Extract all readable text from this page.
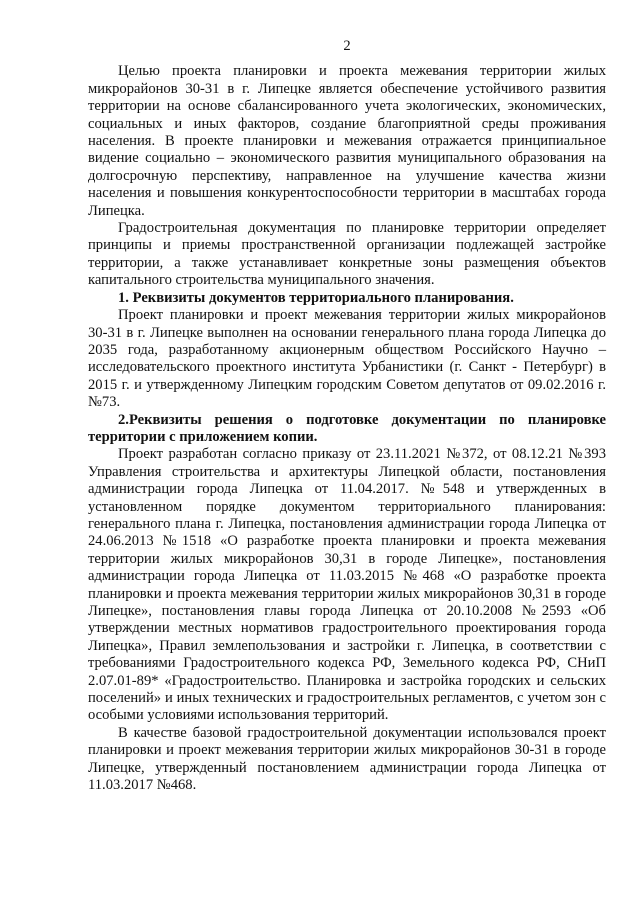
2

Целью проекта планировки и проекта межевания территории жилых микрорайонов 30-31 в г. Липецке является обеспечение устойчивого развития территории на основе сбалансированного учета экологических, экономических, социальных и иных факторов, создание благоприятной среды проживания населения. В проекте планировки и межевания отражается принципиальное видение социально – экономического развития муниципального образования на долгосрочную перспективу, направленное на улучшение качества жизни населения и повышения конкурентоспособности территории в масштабах города Липецка.

Градостроительная документация по планировке территории определяет принципы и приемы пространственной организации подлежащей застройке территории, а также устанавливает конкретные зоны размещения объектов капитального строительства муниципального значения.

1. Реквизиты документов территориального планирования.

Проект планировки и проект межевания территории жилых микрорайонов 30-31 в г. Липецке выполнен на основании генерального плана города Липецка до 2035 года, разработанному акционерным обществом Российского Научно – исследовательского проектного института Урбанистики (г. Санкт - Петербург) в 2015 г. и утвержденному Липецким городским Советом депутатов от 09.02.2016 г. №73.

2.Реквизиты решения о подготовке документации по планировке территории с приложением копии.

Проект разработан согласно приказу от 23.11.2021 №372, от 08.12.21 №393 Управления строительства и архитектуры Липецкой области, постановления администрации города Липецка от 11.04.2017. №548 и утвержденных в установленном порядке документом территориального планирования: генерального плана г. Липецка, постановления администрации города Липецка от 24.06.2013 №1518 «О разработке проекта планировки и проекта межевания территории жилых микрорайонов 30,31 в городе Липецке», постановления администрации города Липецка от 11.03.2015 №468 «О разработке проекта планировки и проекта межевания территории жилых микрорайонов 30,31 в городе Липецке», постановления главы города Липецка от 20.10.2008 №2593 «Об утверждении местных нормативов градостроительного проектирования города Липецка», Правил землепользования и застройки г. Липецка, в соответствии с требованиями Градостроительного кодекса РФ, Земельного кодекса РФ, СНиП 2.07.01-89* «Градостроительство. Планировка и застройка городских и сельских поселений» и иных технических и градостроительных регламентов, с учетом зон с особыми условиями использования территорий.

В качестве базовой градостроительной документации использовался проект планировки и проект межевания территории жилых микрорайонов 30-31 в городе Липецке, утвержденный постановлением администрации города Липецка от 11.03.2017 №468.
